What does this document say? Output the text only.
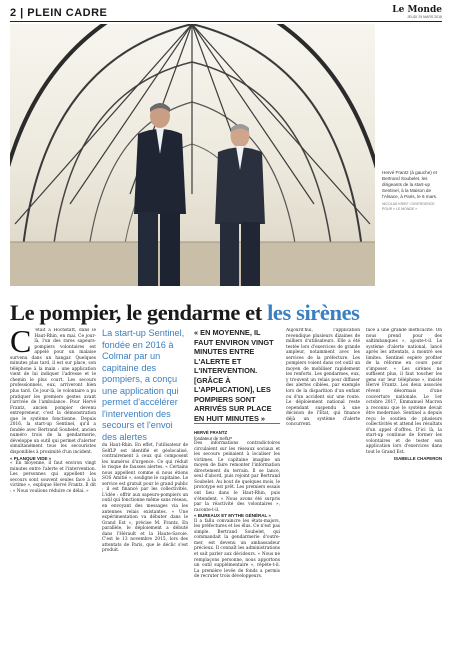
2 | PLEIN CADRE	Le Monde
JEUDI 29 MARS 2018
Hervé Frantz (à gauche) et Bertrand Soubelet, les dirigeants de la start-up Sentinel, à la Maison de l'Alsace, à Paris, le 6 mars.
NICOLAS KRIEF / DIVERGENCE POUR « LE MONDE »
Le pompier, le gendarme et les sirènes
C 'était à Hochstatt, dans le Haut-Rhin, en mai. Ce jour-là, l'un des rares sapeurs-pompiers volontaires est appelé pour un malaise survenu dans un hangar. Quelques minutes plus tard, il est sur place, son téléphone à la main : une application vient de lui indiquer l'adresse et le chemin le plus court. Les secours professionnels, eux, arriveront bien plus tard. Ce jour-là, le volontaire a pu pratiquer les premiers gestes avant l'arrivée de l'ambulance. Pour Hervé Frantz, ancien pompier devenu entrepreneur, c'est la démonstration que le système fonctionne. Depuis 2016, la start-up Sentinel, qu'il a fondée avec Bertrand Soubelet, ancien numéro trois de la gendarmerie, développe un outil qui permet d'alerter simultanément tous les secouristes disponibles à proximité d'un incident.

« PLANQUE VIDE »

« En moyenne, il faut environ vingt minutes entre l'alerte et l'intervention. Les personnes qui appellent les secours sont souvent seules face à la victime », explique Hervé Frantz. Il dit : « Nous voulions réduire ce délai. »

La start-up Sentinel, fondée en 2016 à Colmar par un capitaine des pompiers, a conçu une application qui permet d'accélérer l'intervention des secours et l'envoi des alertes

du Haut-Rhin. En effet, l'utilisateur de SelfLP est identifié et géolocalisé, contrairement à ceux qui composent les numéros d'urgence. Ce qui réduit le risque de fausses alertes. « Certains nous appellent comme si nous étions SOS Amitié », souligne le capitaine. Le service est gratuit pour le grand public ; il est financé par les collectivités. L'idée : offrir aux sapeurs-pompiers un outil qui fonctionne même sans réseau, en envoyant des messages via les antennes relais existantes. « Une expérimentation va débuter dans le Grand Est », précise M. Frantz. En parallèle, le déploiement a débuté dans l'Hérault et la Haute-Savoie. C'est le 13 novembre 2015, lors des attentats de Paris, que le déclic s'est produit.

« EN MOYENNE, IL FAUT ENVIRON VINGT MINUTES ENTRE L'ALERTE ET L'INTERVENTION. [GRÂCE À L'APPLICATION], LES POMPIERS SONT ARRIVÉS SUR PLACE EN HUIT MINUTES »

HERVÉ FRANTZ
fondateur de SelfLP

Des informations contradictoires circulaient sur les réseaux sociaux et les secours peinaient à localiser les victimes. Le capitaine imagine un moyen de faire remonter l'information directement du terrain. Il se lance, seul d'abord, puis rejoint par Bertrand Soubelet. Au bout de quelques mois, le prototype est prêt. Les premiers essais ont lieu dans le Haut-Rhin, puis s'étendent. « Nous avons été surpris par la réactivité des volontaires », raconte-t-il.

« BUREAUX ET MYTHE GÉNÉRAL »

Il a fallu convaincre les états-majors, les préfectures et les élus. Ce n'est pas simple. Bertrand Soubelet, qui commandait la gendarmerie d'outre-mer, est devenu un ambassadeur précieux. Il connaît les administrations et sait parler aux décideurs. « Nous ne remplaçons personne, nous apportons un outil supplémentaire », répète-t-il. La première levée de fonds a permis de recruter trois développeurs.

Aujourd'hui, l'application revendique plusieurs dizaines de milliers d'utilisateurs. Elle a été testée lors d'exercices de grande ampleur, notamment avec les services de la préfecture. Les pompiers voient dans cet outil un moyen de mobiliser rapidement les renforts. Les gendarmes, eux, y trouvent un relais pour diffuser des alertes ciblées, par exemple lors de la disparition d'un enfant ou d'un accident sur une route. Le déploiement national reste cependant suspendu à une décision de l'État, qui finance déjà un système d'alerte concurrent.

face à une grande inefficacité. On nous prend pour des saltimbanques », ajoute-t-il. Le système d'alerte national, lancé après les attentats, a montré ses limites. Sentinel espère profiter de la réforme en cours pour s'imposer. « Les sirènes ne suffisent plus, il faut toucher les gens sur leur téléphone », insiste Hervé Frantz. Les deux associés rêvent désormais d'une couverture nationale. Le 1er octobre 2017, Emmanuel Macron a reconnu que le système devait être modernisé. Sentinel a depuis reçu le soutien de plusieurs collectivités et attend les résultats d'un appel d'offres. D'ici là, la start-up continue de former les volontaires et de tester son application lors d'exercices dans tout le Grand Est.

ISABELLE CHAPERON
